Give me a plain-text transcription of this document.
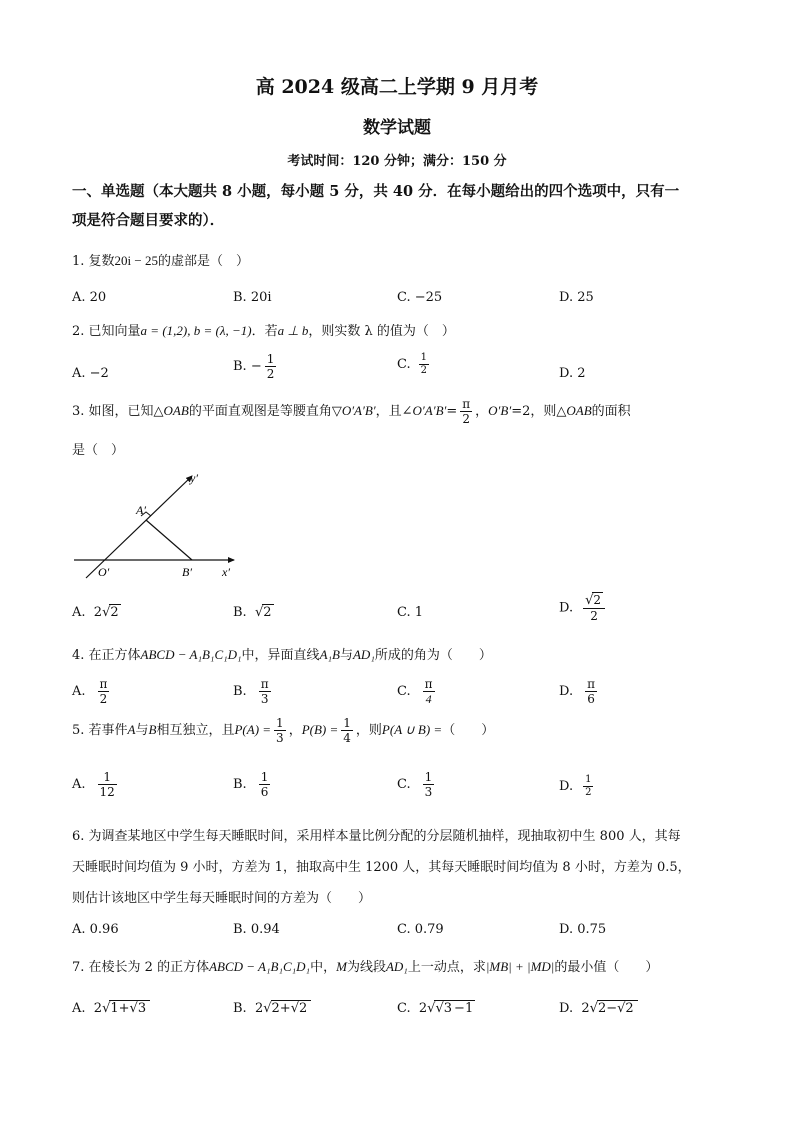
高 2024 级高二上学期 9 月月考
数学试题
考试时间：120 分钟；满分：150 分
一、单选题（本大题共 8 小题，每小题 5 分，共 40 分．在每小题给出的四个选项中，只有一
项是符合题目要求的）．
1. 复数20i − 25的虚部是（　）
A. 20	B. 20i	C. −25	D. 25
2. 已知向量a = (1,2), b = (λ, −1)．若a ⊥ b，则实数 λ 的值为（　）
A. −2	B. − $\frac{1}{2}$	C. $\frac{1}{2}$	D. 2
3. 如图，已知△OAB的平面直观图是等腰直角▽O′A′B′，且∠O′A′B′= $\frac{\pi}{2}$ ，O′B′=2，则△OAB的面积
是（　）
y′
A′
O′	B′	x′
A. 2√2	B. √2	C. 1	D. $\frac{√2}{2}$
4. 在正方体ABCD − A₁B₁C₁D₁中，异面直线A₁B与AD₁所成的角为（　　）
A. $\frac{\pi}{2}$	B. $\frac{\pi}{3}$	C. $\frac{\pi}{4}$	D. $\frac{\pi}{6}$
5. 若事件A与B相互独立，且$P(A) = \frac{1}{3}$ ，$P(B) = \frac{1}{4}$ ，则P(A ∪ B) =（　　）
A. $\frac{1}{12}$	B. $\frac{1}{6}$	C. $\frac{1}{3}$	D. $\frac{1}{2}$
6. 为调查某地区中学生每天睡眠时间，采用样本量比例分配的分层随机抽样，现抽取初中生 800 人，其每
天睡眠时间均值为 9 小时，方差为 1，抽取高中生 1200 人，其每天睡眠时间均值为 8 小时，方差为 0.5，
则估计该地区中学生每天睡眠时间的方差为（　　）
A. 0.96	B. 0.94	C. 0.79	D. 0.75
7. 在棱长为 2 的正方体ABCD − A₁B₁C₁D₁中，M为线段AD₁上一动点，求|MB| + |MD|的最小值（　　）
A. 2√1+√3	B. 2√2+√2	C. 2√√3 −1	D. 2√2−√2
